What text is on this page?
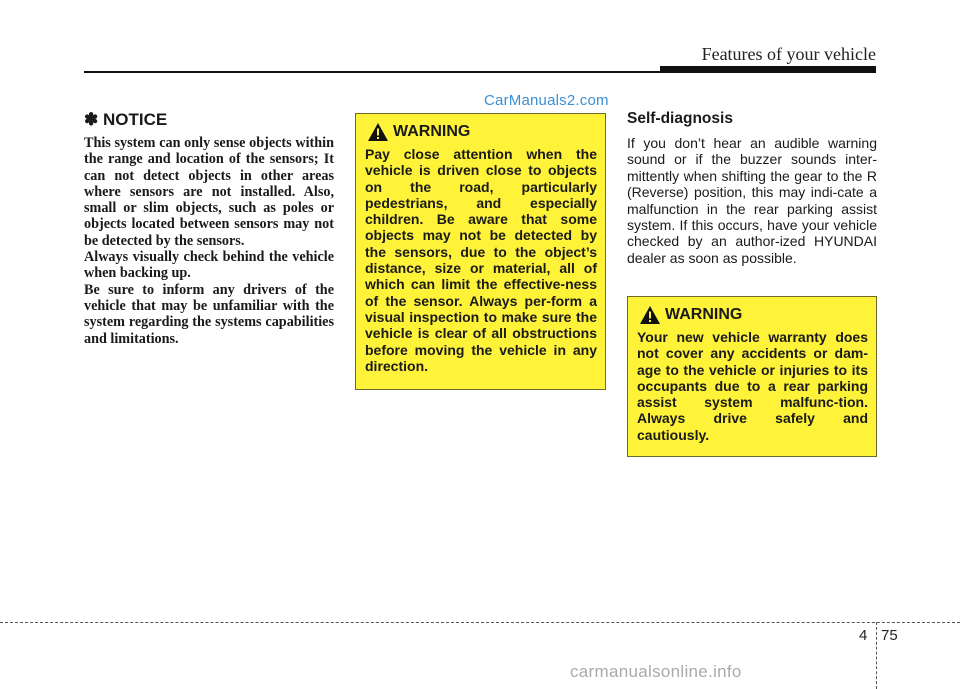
Features of your vehicle
CarManuals2.com
✽ NOTICE

This system can only sense objects within the range and location of the sensors; It can not detect objects in other areas where sensors are not installed. Also, small or slim objects, such as poles or objects located between sensors may not be detected by the sensors.

Always visually check behind the vehicle when backing up.

Be sure to inform any drivers of the vehicle that may be unfamiliar with the system regarding the systems capabilities and limitations.

WARNING
Pay close attention when the vehicle is driven close to objects on the road, particularly pedestrians, and especially children. Be aware that some objects may not be detected by the sensors, due to the object’s distance, size or material, all of which can limit the effective-ness of the sensor. Always per-form a visual inspection to make sure the vehicle is clear of all obstructions before moving the vehicle in any direction.
Self-diagnosis

If you don’t hear an audible warning sound or if the buzzer sounds inter-mittently when shifting the gear to the R (Reverse) position, this may indi-cate a malfunction in the rear parking assist system. If this occurs, have your vehicle checked by an author-ized HYUNDAI dealer as soon as possible.

WARNING
Your new vehicle warranty does not cover any accidents or dam-age to the vehicle or injuries to its occupants due to a rear parking assist system malfunc-tion. Always drive safely and cautiously.
4 75
carmanualsonline.info
